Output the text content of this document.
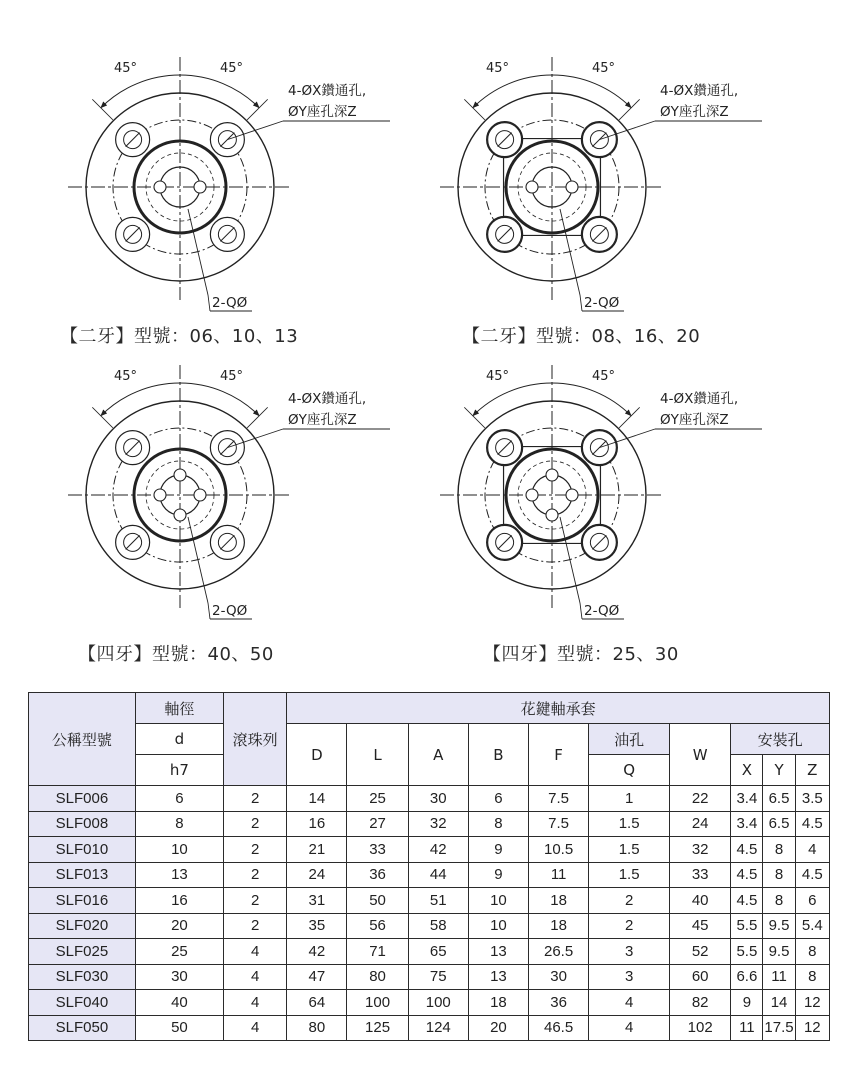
45°	45°
4-ØX鑽通孔,
ØY座孔深Z
2-QØ
45°	45°
4-ØX鑽通孔,
ØY座孔深Z
2-QØ
45°	45°
4-ØX鑽通孔,
ØY座孔深Z
2-QØ
45°	45°
4-ØX鑽通孔,
ØY座孔深Z
2-QØ
【二牙】型號：06、10、13	【二牙】型號：08、16、20
【四牙】型號：40、50	【四牙】型號：25、30
公稱型號	軸徑	滾珠列	花鍵軸承套									
	d		D	L	A	B	F	油孔	W	安裝孔		
	h7							Q		X	Y	Z
SLF006	6	2	14	25	30	6	7.5	1	22	3.4	6.5	3.5
SLF008	8	2	16	27	32	8	7.5	1.5	24	3.4	6.5	4.5
SLF010	10	2	21	33	42	9	10.5	1.5	32	4.5	8	4
SLF013	13	2	24	36	44	9	11	1.5	33	4.5	8	4.5
SLF016	16	2	31	50	51	10	18	2	40	4.5	8	6
SLF020	20	2	35	56	58	10	18	2	45	5.5	9.5	5.4
SLF025	25	4	42	71	65	13	26.5	3	52	5.5	9.5	8
SLF030	30	4	47	80	75	13	30	3	60	6.6	11	8
SLF040	40	4	64	100	100	18	36	4	82	9	14	12
SLF050	50	4	80	125	124	20	46.5	4	102	11	17.5	12
